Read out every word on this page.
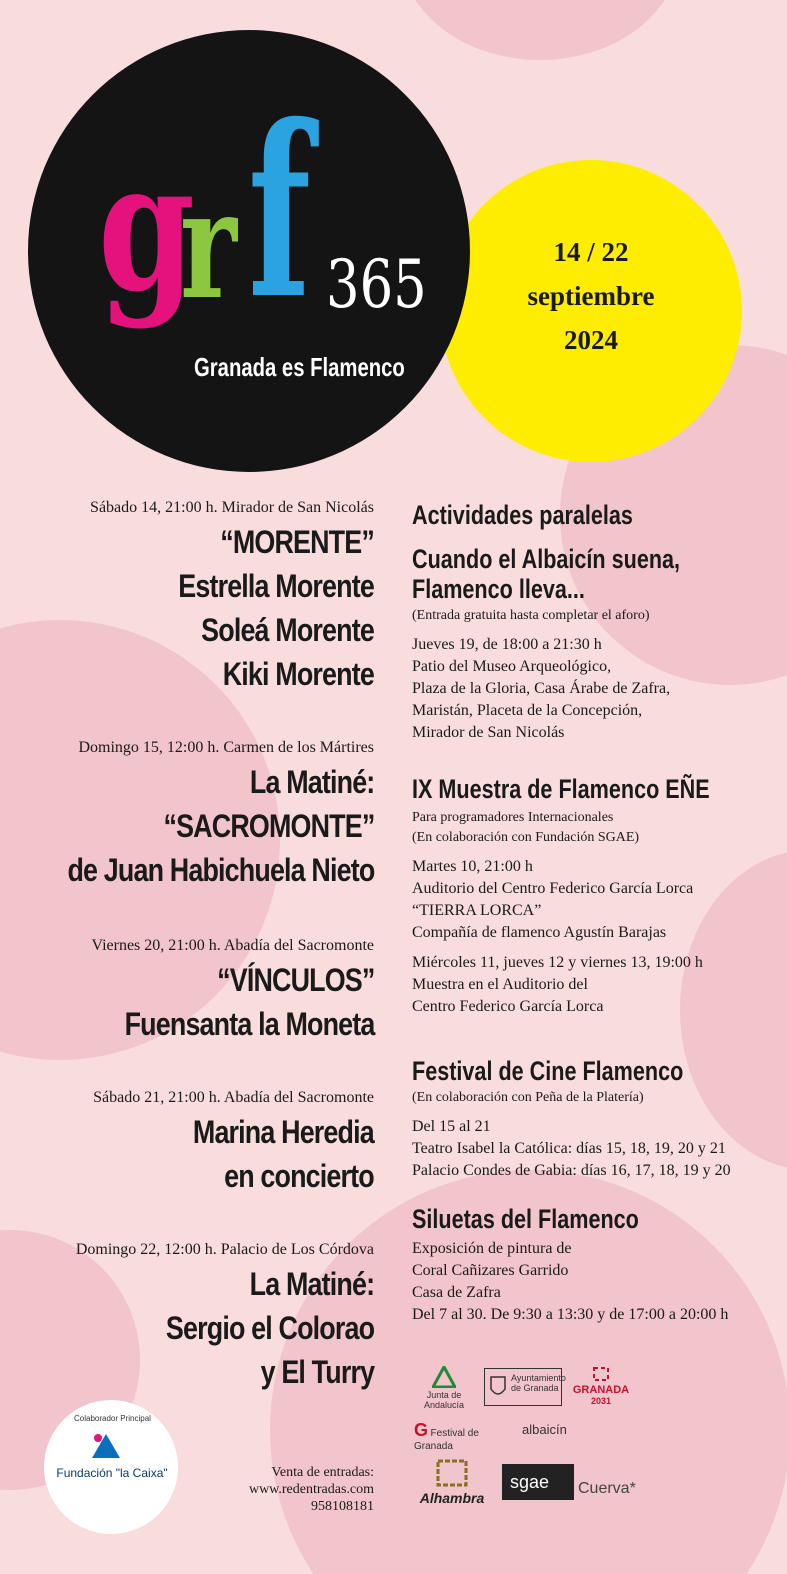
g
r f 365
Granada es Flamenco
14 / 22
septiembre
2024
Sábado 14, 21:00 h. Mirador de San Nicolás
“MORENTE”
Estrella Morente
Soleá Morente
Kiki Morente
Domingo 15, 12:00 h. Carmen de los Mártires
La Matiné:
“SACROMONTE”
de Juan Habichuela Nieto
Viernes 20, 21:00 h. Abadía del Sacromonte
“VÍNCULOS”
Fuensanta la Moneta
Sábado 21, 21:00 h. Abadía del Sacromonte
Marina Heredia
en concierto
Domingo 22, 12:00 h. Palacio de Los Córdova
La Matiné:
Sergio el Colorao
y El Turry
Actividades paralelas
Cuando el Albaicín suena,
Flamenco lleva...
(Entrada gratuita hasta completar el aforo)
Jueves 19, de 18:00 a 21:30 h
Patio del Museo Arqueológico,
Plaza de la Gloria, Casa Árabe de Zafra,
Maristán, Placeta de la Concepción,
Mirador de San Nicolás
IX Muestra de Flamenco EÑE
Para programadores Internacionales
(En colaboración con Fundación SGAE)
Martes 10, 21:00 h
Auditorio del Centro Federico García Lorca
“TIERRA LORCA”
Compañía de flamenco Agustín Barajas
Miércoles 11, jueves 12 y viernes 13, 19:00 h
Muestra en el Auditorio del
Centro Federico García Lorca
Festival de Cine Flamenco
(En colaboración con Peña de la Platería)
Del 15 al 21
Teatro Isabel la Católica: días 15, 18, 19, 20 y 21
Palacio Condes de Gabia: días 16, 17, 18, 19 y 20
Siluetas del Flamenco
Exposición de pintura de
Coral Cañizares Garrido
Casa de Zafra
Del 7 al 30. De 9:30 a 13:30 y de 17:00 a 20:00 h
Junta de Andalucía
Ayuntamiento de Granada	GRANADA
2031
G Festival de Granada
albaicín
Alhambra
sgae	Cuerva*
Colaborador Principal
Fundación "la Caixa"	Venta de entradas:
www.redentradas.com
958108181
